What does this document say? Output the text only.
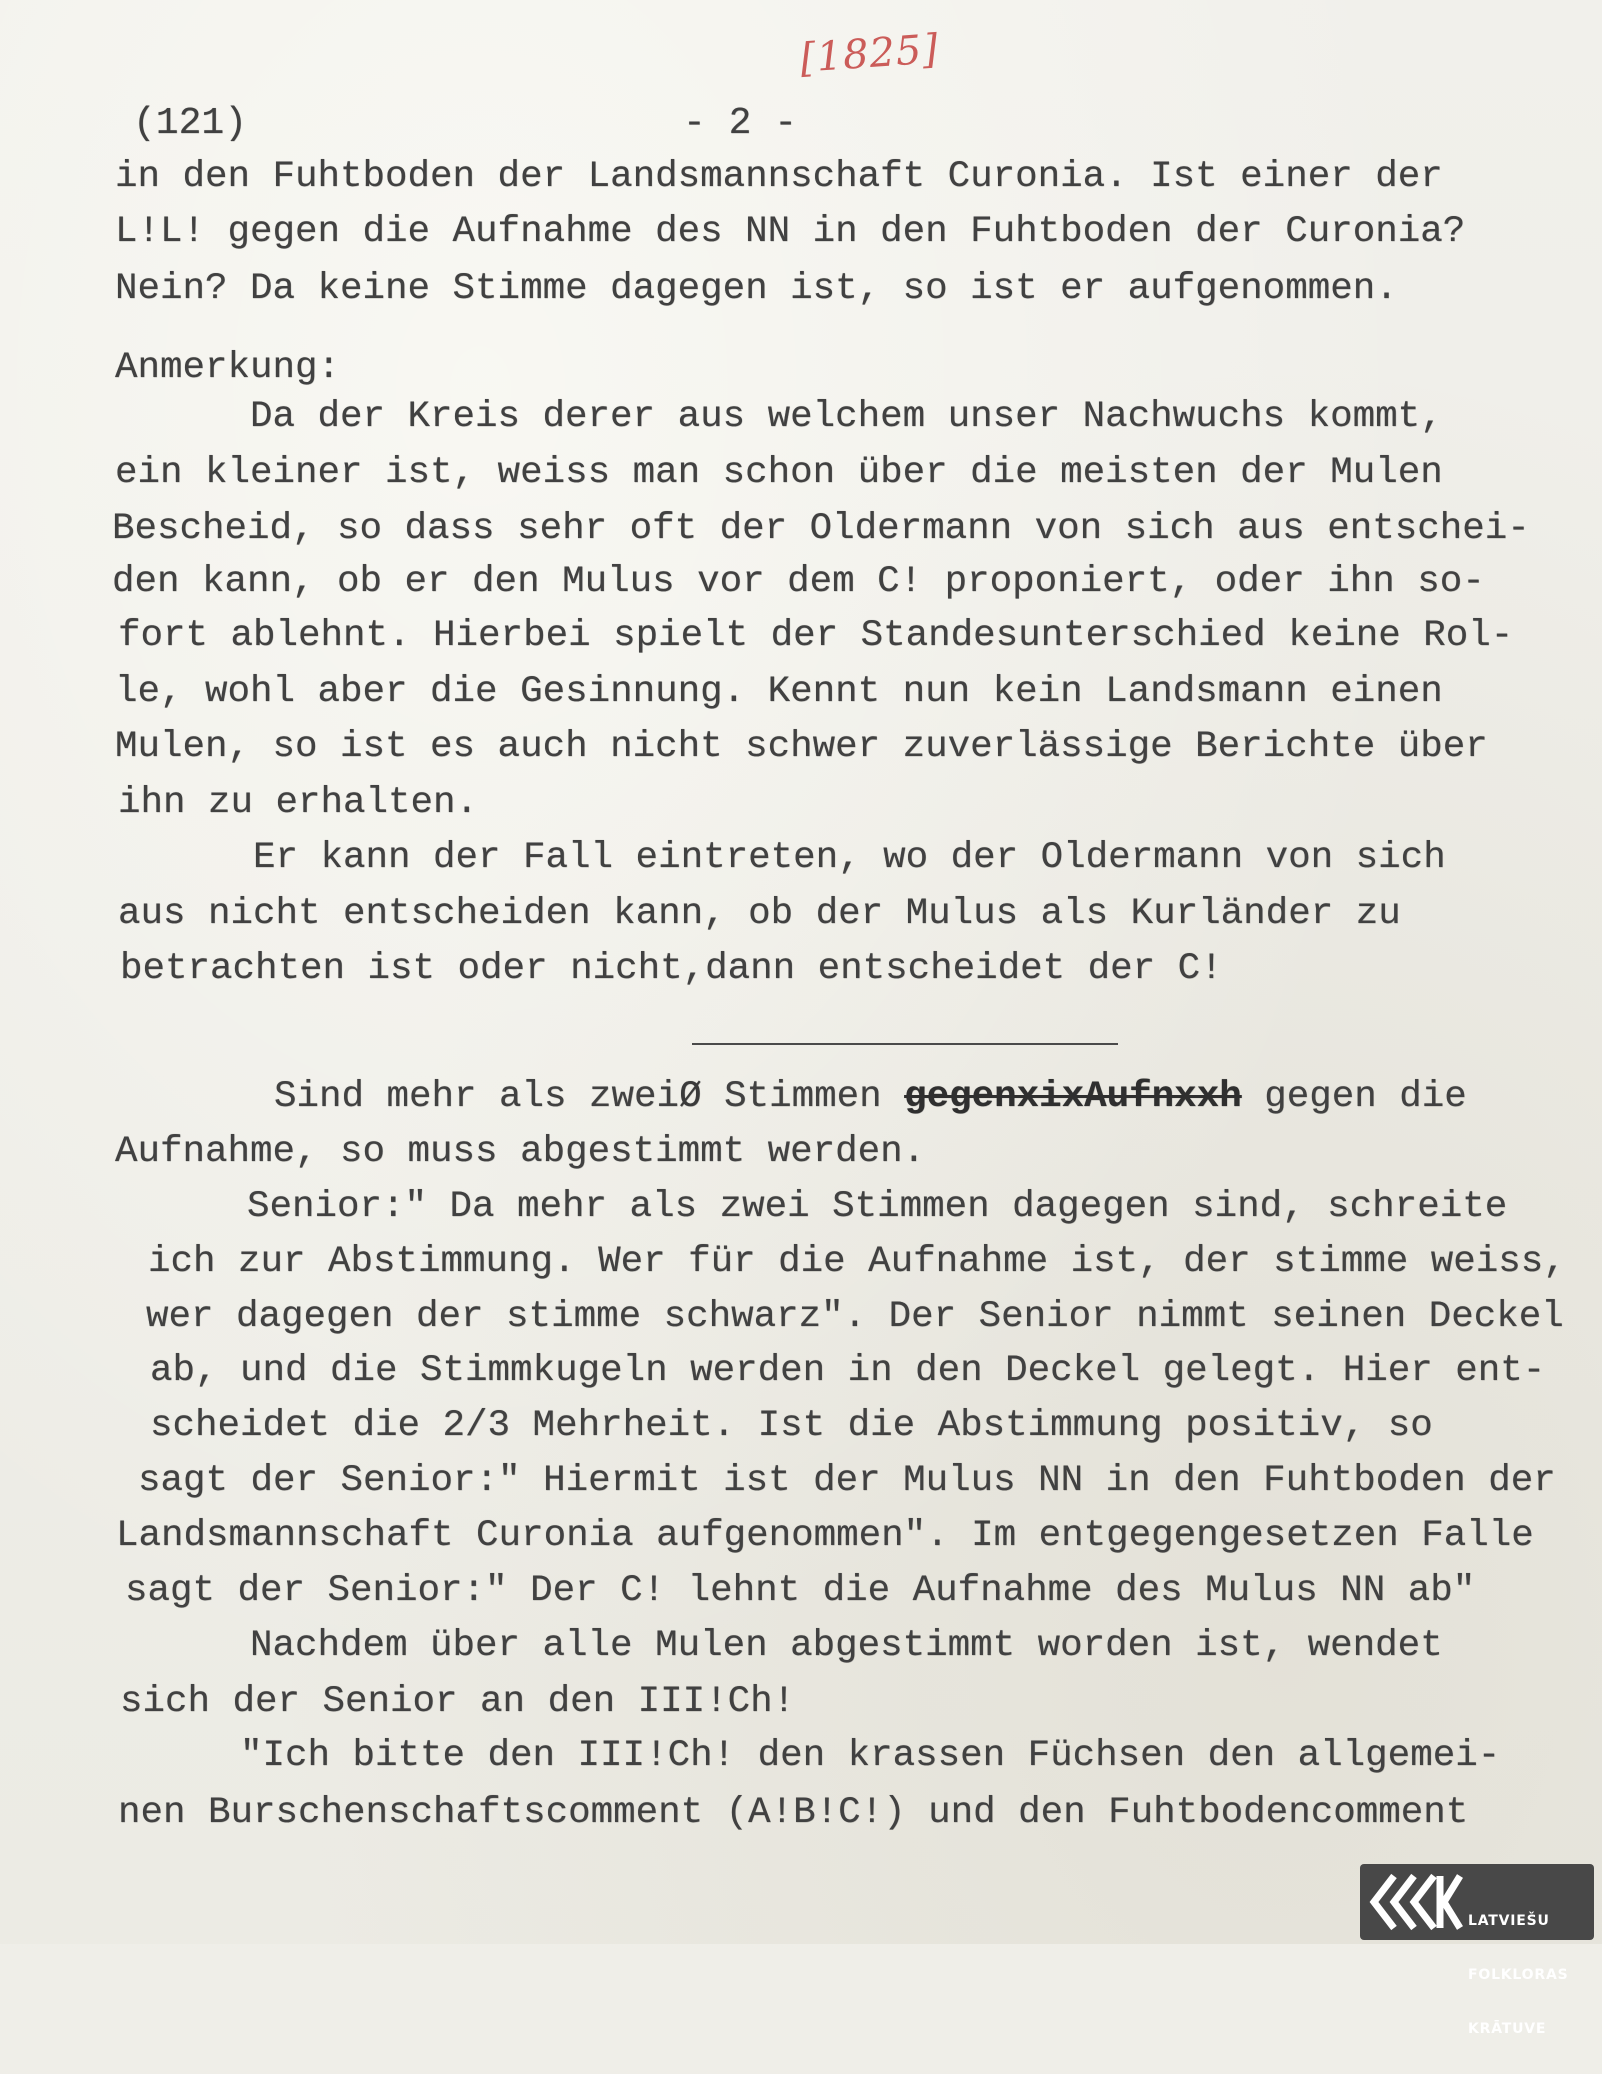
[1825]
(121)	- 2 -
in den Fuhtboden der Landsmannschaft Curonia. Ist einer der
L!L! gegen die Aufnahme des NN in den Fuhtboden der Curonia?
Nein? Da keine Stimme dagegen ist, so ist er aufgenommen.
Anmerkung:
Da der Kreis derer aus welchem unser Nachwuchs kommt,
ein kleiner ist, weiss man schon über die meisten der Mulen
Bescheid, so dass sehr oft der Oldermann von sich aus entschei-
den kann, ob er den Mulus vor dem C! proponiert, oder ihn so-
fort ablehnt. Hierbei spielt der Standesunterschied keine Rol-
le, wohl aber die Gesinnung. Kennt nun kein Landsmann einen
Mulen, so ist es auch nicht schwer zuverlässige Berichte über
ihn zu erhalten.
Er kann der Fall eintreten, wo der Oldermann von sich
aus nicht entscheiden kann, ob der Mulus als Kurländer zu
betrachten ist oder nicht,dann entscheidet der C!
Sind mehr als zweiØ Stimmen gegenxixAufnxxh gegen die
Aufnahme, so muss abgestimmt werden.
Senior:" Da mehr als zwei Stimmen dagegen sind, schreite
ich zur Abstimmung. Wer für die Aufnahme ist, der stimme weiss,
wer dagegen der stimme schwarz". Der Senior nimmt seinen Deckel
ab, und die Stimmkugeln werden in den Deckel gelegt. Hier ent-
scheidet die 2/3 Mehrheit. Ist die Abstimmung positiv, so
sagt der Senior:" Hiermit ist der Mulus NN in den Fuhtboden der
Landsmannschaft Curonia aufgenommen". Im entgegengesetzen Falle
sagt der Senior:" Der C! lehnt die Aufnahme des Mulus NN ab"
Nachdem über alle Mulen abgestimmt worden ist, wendet
sich der Senior an den III!Ch!
"Ich bitte den III!Ch! den krassen Füchsen den allgemei-
nen Burschenschaftscomment (A!B!C!) und den Fuhtbodencomment

LATVIEŠU

FOLKLORAS

KRĀTUVE
